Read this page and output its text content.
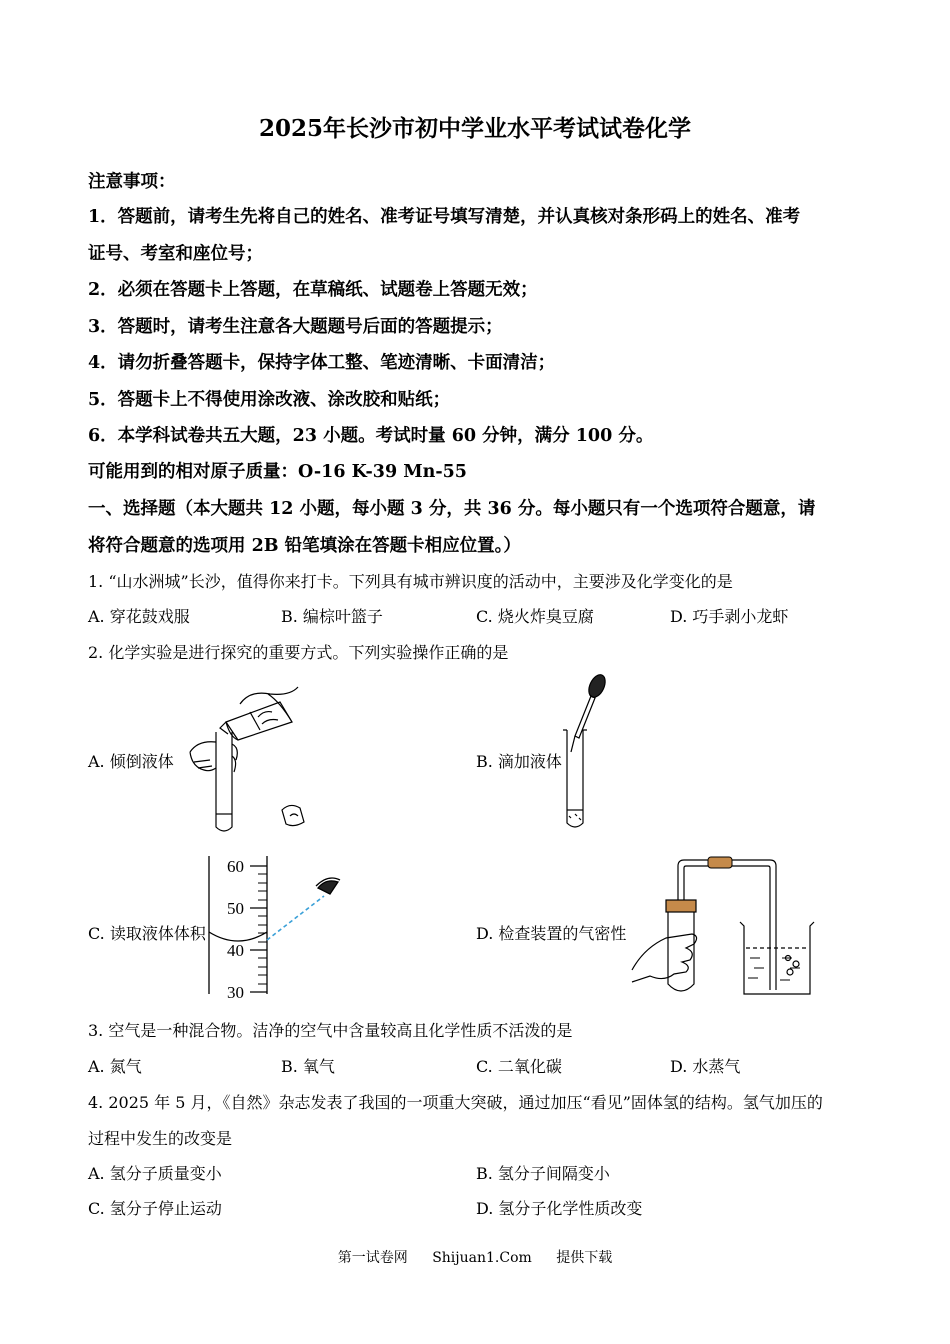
2025年长沙市初中学业水平考试试卷化学
注意事项：
1．答题前，请考生先将自己的姓名、准考证号填写清楚，并认真核对条形码上的姓名、准考
证号、考室和座位号；
2．必须在答题卡上答题，在草稿纸、试题卷上答题无效；
3．答题时，请考生注意各大题题号后面的答题提示；
4．请勿折叠答题卡，保持字体工整、笔迹清晰、卡面清洁；
5．答题卡上不得使用涂改液、涂改胶和贴纸；
6．本学科试卷共五大题，23 小题。考试时量 60 分钟，满分 100 分。
可能用到的相对原子质量：O-16 K-39 Mn-55
一、选择题（本大题共 12 小题，每小题 3 分，共 36 分。每小题只有一个选项符合题意，请
将符合题意的选项用 2B 铅笔填涂在答题卡相应位置。）
1. “山水洲城”长沙，值得你来打卡。下列具有城市辨识度的活动中，主要涉及化学变化的是
A. 穿花鼓戏服	B. 编棕叶篮子	C. 烧火炸臭豆腐	D. 巧手剥小龙虾
2. 化学实验是进行探究的重要方式。下列实验操作正确的是
A. 倾倒液体	B. 滴加液体
C. 读取液体体积	D. 检查装置的气密性
60
50
40
30
3. 空气是一种混合物。洁净的空气中含量较高且化学性质不活泼的是
A. 氮气	B. 氧气	C. 二氧化碳	D. 水蒸气
4. 2025 年 5 月，《自然》杂志发表了我国的一项重大突破，通过加压“看见”固体氢的结构。氢气加压的
过程中发生的改变是
A. 氢分子质量变小	B. 氢分子间隔变小
C. 氢分子停止运动	D. 氢分子化学性质改变
第一试卷网 Shijuan1.Com 提供下载
